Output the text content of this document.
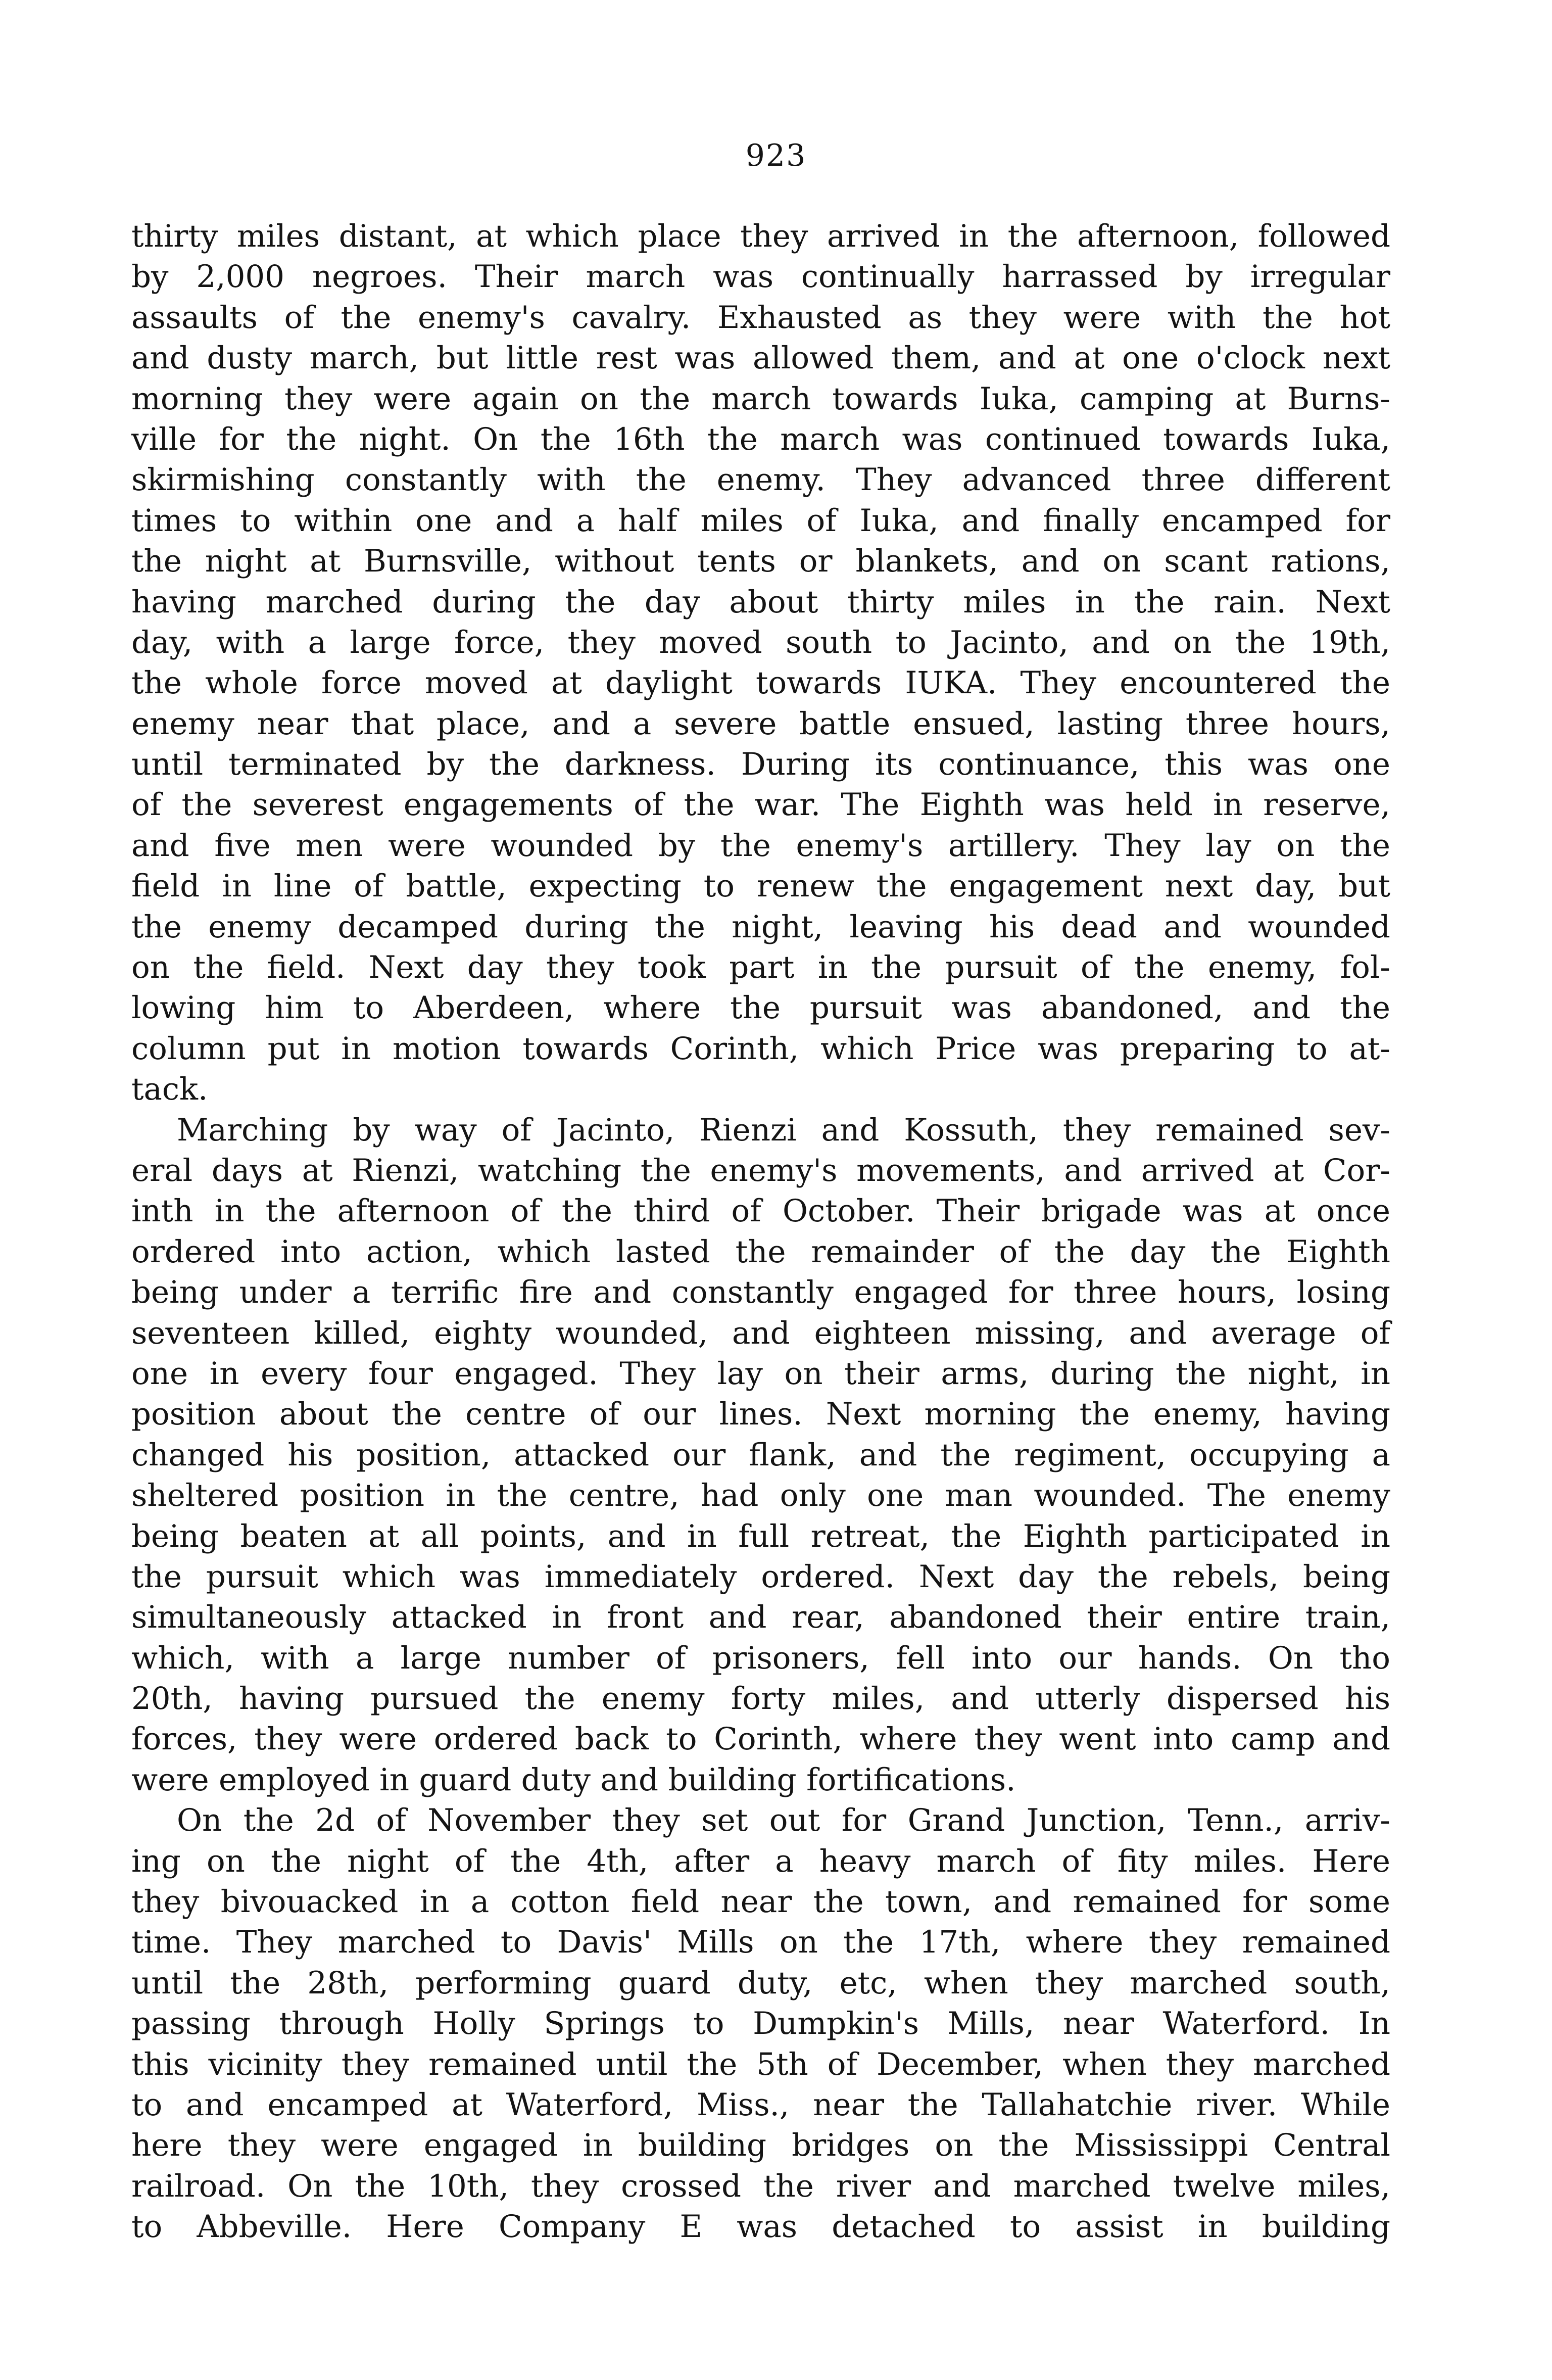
923
thirty miles distant, at which place they arrived in the afternoon, followed
by 2,000 negroes. Their march was continually harrassed by irregular
assaults of the enemy's cavalry. Exhausted as they were with the hot
and dusty march, but little rest was allowed them, and at one o'clock next
morning they were again on the march towards Iuka, camping at Burns-
ville for the night. On the 16th the march was continued towards Iuka,
skirmishing constantly with the enemy. They advanced three different
times to within one and a half miles of Iuka, and finally encamped for
the night at Burnsville, without tents or blankets, and on scant rations,
having marched during the day about thirty miles in the rain. Next
day, with a large force, they moved south to Jacinto, and on the 19th,
the whole force moved at daylight towards IUKA. They encountered the
enemy near that place, and a severe battle ensued, lasting three hours,
until terminated by the darkness. During its continuance, this was one
of the severest engagements of the war. The Eighth was held in reserve,
and five men were wounded by the enemy's artillery. They lay on the
field in line of battle, expecting to renew the engagement next day, but
the enemy decamped during the night, leaving his dead and wounded
on the field. Next day they took part in the pursuit of the enemy, fol-
lowing him to Aberdeen, where the pursuit was abandoned, and the
column put in motion towards Corinth, which Price was preparing to at-
tack.
Marching by way of Jacinto, Rienzi and Kossuth, they remained sev-
eral days at Rienzi, watching the enemy's movements, and arrived at Cor-
inth in the afternoon of the third of October. Their brigade was at once
ordered into action, which lasted the remainder of the day the Eighth
being under a terrific fire and constantly engaged for three hours, losing
seventeen killed, eighty wounded, and eighteen missing, and average of
one in every four engaged. They lay on their arms, during the night, in
position about the centre of our lines. Next morning the enemy, having
changed his position, attacked our flank, and the regiment, occupying a
sheltered position in the centre, had only one man wounded. The enemy
being beaten at all points, and in full retreat, the Eighth participated in
the pursuit which was immediately ordered. Next day the rebels, being
simultaneously attacked in front and rear, abandoned their entire train,
which, with a large number of prisoners, fell into our hands. On tho
20th, having pursued the enemy forty miles, and utterly dispersed his
forces, they were ordered back to Corinth, where they went into camp and
were employed in guard duty and building fortifications.
On the 2d of November they set out for Grand Junction, Tenn., arriv-
ing on the night of the 4th, after a heavy march of fity miles. Here
they bivouacked in a cotton field near the town, and remained for some
time. They marched to Davis' Mills on the 17th, where they remained
until the 28th, performing guard duty, etc, when they marched south,
passing through Holly Springs to Dumpkin's Mills, near Waterford. In
this vicinity they remained until the 5th of December, when they marched
to and encamped at Waterford, Miss., near the Tallahatchie river. While
here they were engaged in building bridges on the Mississippi Central
railroad. On the 10th, they crossed the river and marched twelve miles,
to Abbeville. Here Company E was detached to assist in building
